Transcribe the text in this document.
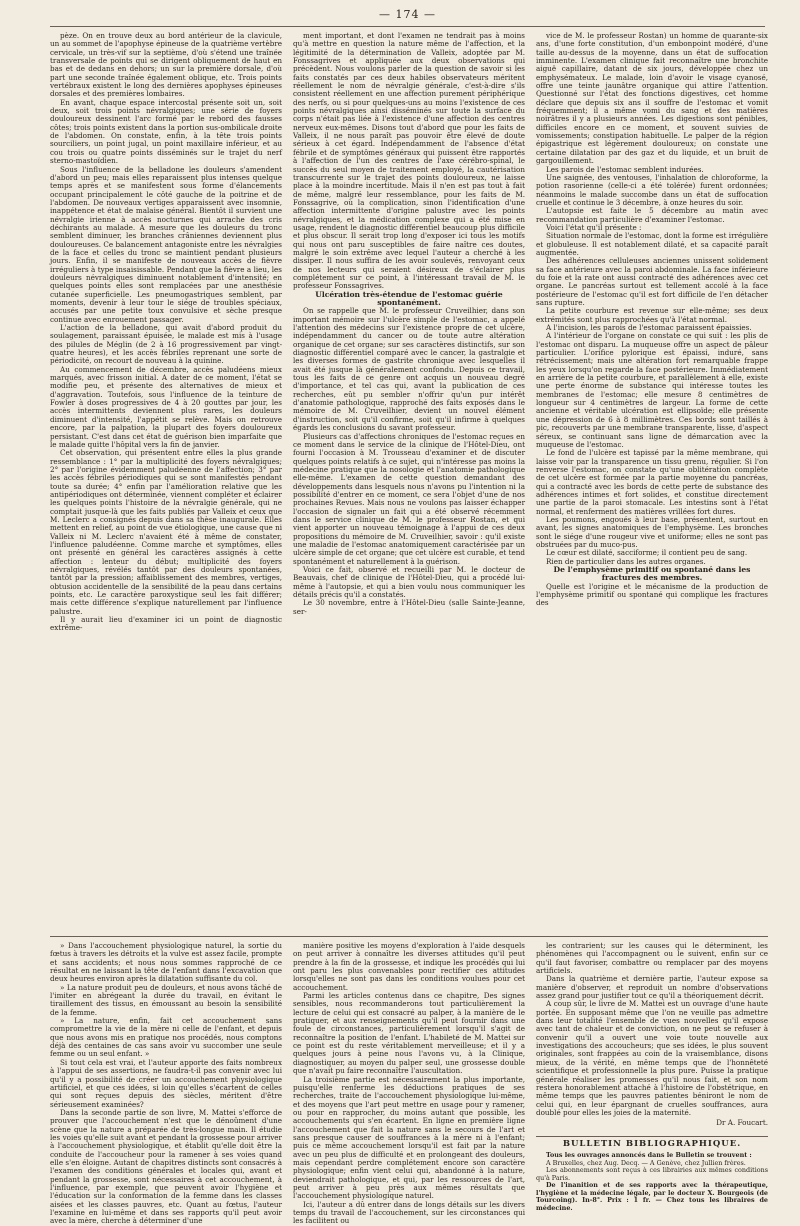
— 174 —

pèze. On en trouve deux au bord antérieur de la clavicule, un au sommet de l'apophyse épineuse de la quatrième vertèbre cervicale, un très-vif sur la septième, d'où s'étend une traînée transversale de points qui se dirigent obliquement de haut en bas et de dedans en dehors; un sur la première dorsale, d'où part une seconde traînée également oblique, etc. Trois points vertébraux existent le long des dernières apophyses épineuses dorsales et des premières lombaires.

En avant, chaque espace intercostal présente soit un, soit deux, soit trois points névralgiques; une série de foyers douloureux dessinent l'arc formé par le rebord des fausses côtes; trois points existent dans la portion sus-ombilicale droite de l'abdomen. On constate, enfin, à la tête trois points sourciliers, un point jugal, un point maxillaire inférieur, et au cou trois ou quatre points disséminés sur le trajet du nerf sterno-mastoïdien.

Sous l'influence de la belladone les douleurs s'amendent d'abord un peu; mais elles reparaissent plus intenses quelque temps après et se manifestent sous forme d'élancements occupant principalement le côté gauche de la poitrine et de l'abdomen. De nouveaux vertiges apparaissent avec insomnie, inappétence et état de malaise général. Bientôt il survient une névralgie irienne à accès nocturnes qui arrache des cris déchirants au malade. A mesure que les douleurs du tronc semblent diminuer, les branches crâniennes deviennent plus douloureuses. Ce balancement antagoniste entre les névralgies de la face et celles du tronc se maintient pendant plusieurs jours. Enfin, il se manifeste de nouveaux accès de fièvre irréguliers à type insaisissable. Pendant que la fièvre a lieu, les douleurs névralgiques diminuent notablement d'intensité; en quelques points elles sont remplacées par une anesthésie cutanée superficielle. Les pneumogastriques semblent, par moments, devenir à leur tour le siége de troubles spéciaux, accusés par une petite toux convulsive et sèche presque continue avec enrouement passager.

L'action de la belladone, qui avait d'abord produit du soulagement, paraissant épuisée, le malade est mis à l'usage des pilules de Méglin (de 2 à 16 progressivement par vingt-quatre heures), et les accès fébriles reprenant une sorte de périodicité, on recourt de nouveau à la quinine.

Au commencement de décembre, accès paludéens mieux marqués, avec frisson initial. A dater de ce moment, l'état se modifie peu, et présente des alternatives de mieux et d'aggravation. Toutefois, sous l'influence de la teinture de Fowler à doses progressives de 4 à 20 gouttes par jour, les accès intermittents deviennent plus rares, les douleurs diminuent d'intensité, l'appétit se relève. Mais on retrouve encore, par la palpation, la plupart des foyers douloureux persistant. C'est dans cet état de guérison bien imparfaite que le malade quitte l'hôpital vers la fin de janvier.

Cet observation, qui présentent entre elles la plus grande ressemblance : 1° par la multiplicité des foyers névralgiques; 2° par l'origine évidemment paludéenne de l'affection; 3° par les accès fébriles périodiques qui se sont manifestés pendant toute sa durée; 4° enfin par l'amélioration relative que les antipériodiques ont déterminée, viennent compléter et éclairer les quelques points l'histoire de la névralgie générale, qui ne comptait jusque-là que les faits publiés par Valleix et ceux que M. Leclerc a consignés depuis dans sa thèse inaugurale. Elles mettent en relief, au point de vue étiologique, une cause que ni Valleix ni M. Leclerc n'avaient été à même de constater, l'influence paludéenne. Comme marche et symptômes, elles ont présenté en général les caractères assignés à cette affection : lenteur du début; multiplicité des foyers névralgiques, révélés tantôt par des douleurs spontanées, tantôt par la pression; affaiblissement des membres, vertiges, obtusion accidentelle de la sensibilité de la peau dans certains points, etc. Le caractère paroxystique seul les fait différer; mais cette différence s'explique naturellement par l'influence palustre.

Il y aurait lieu d'examiner ici un point de diagnostic extrême-

ment important, et dont l'examen ne tendrait pas à moins qu'à mettre en question la nature même de l'affection, et la légitimité de la détermination de Valleix, adoptée par M. Fonssagrives et appliquée aux deux observations qui précèdent. Nous voulons parler de la question de savoir si les faits constatés par ces deux habiles observateurs méritent réellement le nom de névralgie générale, c'est-à-dire s'ils consistent réellement en une affection purement périphérique des nerfs, ou si pour quelques-uns au moins l'existence de ces points névralgiques ainsi disséminés sur toute la surface du corps n'était pas liée à l'existence d'une affection des centres nerveux eux-mêmes. Disons tout d'abord que pour les faits de Valleix, il ne nous paraît pas pouvoir être élevé de doute sérieux à cet égard. Indépendamment de l'absence d'état fébrile et de symptômes généraux qui puissent être rapportés à l'affection de l'un des centres de l'axe cérébro-spinal, le succès du seul moyen de traitement employé, la cautérisation transcurrente sur le trajet des points douloureux, ne laisse place à la moindre incertitude. Mais il n'en est pas tout à fait de même, malgré leur ressemblance, pour les faits de M. Fonssagrive, où la complication, sinon l'identification d'une affection intermittente d'origine palustre avec les points névralgiques, et la médication complexe qui a été mise en usage, rendent le diagnostic différentiel beaucoup plus difficile et plus obscur. Il serait trop long d'exposer ici tous les motifs qui nous ont paru susceptibles de faire naître ces doutes, malgré le soin extrême avec lequel l'auteur a cherché à les dissiper. Il nous suffira de les avoir soulevés, renvoyant ceux de nos lecteurs qui seraient désireux de s'éclairer plus complétement sur ce point, à l'intéressant travail de M. le professeur Fonssagrives.

Ulcération très-étendue de l'estomac guérie spontanément.

On se rappelle que M. le professeur Cruveilhier, dans son important mémoire sur l'ulcère simple de l'estomac, a appelé l'attention des médecins sur l'existence propre de cet ulcère, indépendamment du cancer ou de toute autre altération organique de cet organe; sur ses caractères distinctifs, sur son diagnostic différentiel comparé avec le cancer, la gastralgie et les diverses formes de gastrite chronique avec lesquelles il avait été jusque là généralement confondu. Depuis ce travail, tous les faits de ce genre ont acquis un nouveau degré d'importance, et tel cas qui, avant la publication de ces recherches, eût pu sembler n'offrir qu'un pur intérêt d'anatomie pathologique, rapproché des faits exposés dans le mémoire de M. Cruveilhier, devient un nouvel élément d'instruction, soit qu'il confirme, soit qu'il infirme à quelques égards les conclusions du savant professeur.

Plusieurs cas d'affections chroniques de l'estomac reçues en ce moment dans le service de la clinique de l'Hôtel-Dieu, ont fourni l'occasion à M. Trousseau d'examiner et de discuter quelques points relatifs à ce sujet, qui n'intéresse pas moins la médecine pratique que la nosologie et l'anatomie pathologique elle-même. L'examen de cette question demandant des développements dans lesquels nous n'avons pu l'intention ni la possibilité d'entrer en ce moment, ce sera l'objet d'une de nos prochaines Revues. Mais nous ne voulons pas laisser échapper l'occasion de signaler un fait qui a été observé récemment dans le service clinique de M. le professeur Rostan, et qui vient apporter un nouveau témoignage à l'appui de ces deux propositions du mémoire de M. Cruveilhier, savoir : qu'il existe une maladie de l'estomac anatomiquement caractérisée par un ulcère simple de cet organe; que cet ulcère est curable, et tend spontanément et naturellement à la guérison.

Voici ce fait, observé et recueilli par M. le docteur de Beauvais, chef de clinique de l'Hôtel-Dieu, qui a procédé lui-même à l'autopsie, et qui a bien voulu nous communiquer les détails précis qu'il a constatés.

Le 30 novembre, entre à l'Hôtel-Dieu (salle Sainte-Jeanne, ser-

vice de M. le professeur Rostan) un homme de quarante-six ans, d'une forte constitution, d'un embonpoint modéré, d'une taille au-dessus de la moyenne, dans un état de suffocation imminente. L'examen clinique fait reconnaître une bronchite aiguë capillaire, datant de six jours, développée chez un emphysémateux. Le malade, loin d'avoir le visage cyanosé, offre une teinte jaunâtre organique qui attire l'attention. Questionné sur l'état des fonctions digestives, cet homme déclare que depuis six ans il souffre de l'estomac et vomit fréquemment; il a même vomi du sang et des matières noirâtres il y a plusieurs années. Les digestions sont pénibles, difficiles encore en ce moment, et souvent suivies de vomissements; constipation habituelle. Le palper de la région épigastrique est légèrement douloureux; on constate une certaine dilatation par des gaz et du liquide, et un bruit de gargouillement.

Les parois de l'estomac semblent indurées.

Une saignée, des ventouses, l'inhalation de chloroforme, la potion rasorienne (celle-ci a été tolérée) furent ordonnées; néanmoins le malade succombe dans un état de suffocation cruelle et continue le 3 décembre, à onze heures du soir.

L'autopsie est faite le 5 décembre au matin avec recommandation particulière d'examiner l'estomac.

Voici l'état qu'il présente :

Situation normale de l'estomac, dont la forme est irrégulière et globuleuse. Il est notablement dilaté, et sa capacité paraît augmentée.

Des adhérences celluleuses anciennes unissent solidement sa face antérieure avec la paroi abdominale. La face inférieure du foie et la rate ont aussi contracté des adhérences avec cet organe. Le pancréas surtout est tellement accolé à la face postérieure de l'estomac qu'il est fort difficile de l'en détacher sans rupture.

La petite courbure est revenue sur elle-même; ses deux extrémités sont plus rapprochées qu'à l'état normal.

A l'incision, les parois de l'estomac paraissent épaissies.

A l'intérieur de l'organe on constate ce qui suit : les plis de l'estomac ont disparu. La muqueuse offre un aspect de pâleur particulier. L'orifice pylorique est épaissi, induré, sans rétrécissement; mais une altération fort remarquable frappe les yeux lorsqu'on regarde la face postérieure. Immédiatement en arrière de la petite courbure, et parallèlement à elle, existe une perte énorme de substance qui intéresse toutes les membranes de l'estomac; elle mesure 8 centimètres de longueur sur 4 centimètres de largeur. La forme de cette ancienne et véritable ulcération est ellipsoïde; elle présente une dépression de 6 à 8 millimètres. Ces bords sont taillés à pic, recouverts par une membrane transparente, lisse, d'aspect séreux, se continuant sans ligne de démarcation avec la muqueuse de l'estomac.

Le fond de l'ulcère est tapissé par la même membrane, qui laisse voir par la transparence un tissu grenu, régulier. Si l'on renverse l'estomac, on constate qu'une oblitération complète de cet ulcère est formée par la partie moyenne du pancréas, qui a contracté avec les bords de cette perte de substance des adhérences intimes et fort solides, et constitue directement une partie de la paroi stomacale. Les intestins sont à l'état normal, et renferment des matières vrillées fort dures.

Les poumons, engoués à leur base, présentent, surtout en avant, les signes anatomiques de l'emphysème. Les bronches sont le siége d'une rougeur vive et uniforme; elles ne sont pas obstruées par du muco-pus.

Le cœur est dilaté, sacciforme; il contient peu de sang.

Rien de particulier dans les autres organes.

De l'emphysème primitif ou spontané dans les fractures des membres.

Quelle est l'origine et le mécanisme de la production de l'emphysème primitif ou spontané qui complique les fractures des

» Dans l'accouchement physiologique naturel, la sortie du fœtus à travers les détroits et la vulve est assez facile, prompte et sans accidents; et nous nous sommes rapproché de ce résultat en ne laissant la tête de l'enfant dans l'excavation que deux heures environ après la dilatation suffisante du col.

» La nature produit peu de douleurs, et nous avons tâché de l'imiter en abrégeant la durée du travail, en évitant le tiraillement des tissus, en émoussant au besoin la sensibilité de la femme.

» La nature, enfin, fait cet accouchement sans compromettre la vie de la mère ni celle de l'enfant, et depuis que nous avons mis en pratique nos procédés, nous comptons déjà des centaines de cas sans avoir vu succomber une seule femme ou un seul enfant. »

Si tout cela est vrai, et l'auteur apporte des faits nombreux à l'appui de ses assertions, ne faudra-t-il pas convenir avec lui qu'il y a possibilité de créer un accouchement physiologique artificiel, et que ces idées, si loin qu'elles s'écartent de celles qui sont reçues depuis des siècles, méritent d'être sérieusement examinées?

Dans la seconde partie de son livre, M. Mattei s'efforce de prouver que l'accouchement n'est que le dénoûment d'une scène que la nature a préparée de très-longue main. Il étudie les voies qu'elle suit avant et pendant la grossesse pour arriver à l'accouchement physiologique, et établit qu'elle doit être la conduite de l'accoucheur pour la ramener à ses voies quand elle s'en éloigne. Autant de chapitres distincts sont consacrés à l'examen des conditions générales et locales qui, avant et pendant la grossesse, sont nécessaires à cet accouchement, à l'influence, par exemple, que peuvent avoir l'hygiène et l'éducation sur la conformation de la femme dans les classes aisées et les classes pauvres, etc. Quant au fœtus, l'auteur l'examine en lui-même et dans ses rapports qu'il peut avoir avec la mère, cherche à déterminer d'une

manière positive les moyens d'exploration à l'aide desquels on peut arriver à connaître les diverses attitudes qu'il peut prendre à la fin de la grossesse, et indique les procédés qui lui ont paru les plus convenables pour rectifier ces attitudes lorsqu'elles ne sont pas dans les conditions voulues pour cet accouchement.

Parmi les articles contenus dans ce chapitre, Des signes sensibles, nous recommanderons tout particulièrement la lecture de celui qui est consacré au palper, à la manière de le pratiquer, et aux renseignements qu'il peut fournir dans une foule de circonstances, particulièrement lorsqu'il s'agit de reconnaître la position de l'enfant. L'habileté de M. Mattei sur ce point est du reste véritablement merveilleuse; et il y a quelques jours à peine nous l'avons vu, à la Clinique, diagnostiquer, au moyen du palper seul, une grossesse double que n'avait pu faire reconnaître l'auscultation.

La troisième partie est nécessairement la plus importante, puisqu'elle renferme les déductions pratiques de ses recherches, traite de l'accouchement physiologique lui-même, et des moyens que l'art peut mettre en usage pour y ramener, ou pour en rapprocher, du moins autant que possible, les accouchements qui s'en écartent. En ligne en première ligne l'accouchement que fait la nature sans le secours de l'art et sans presque causer de souffrances à la mère ni à l'enfant; puis ce même accouchement lorsqu'il est fait par la nature avec un peu plus de difficulté et en prolongeant des douleurs, mais cependant perdre complétement encore son caractère physiologique; enfin vient celui qui, abandonné à la nature, deviendrait pathologique, et qui, par les ressources de l'art, peut arriver à peu près aux mêmes résultats que l'accouchement physiologique naturel.

Ici, l'auteur a dû entrer dans de longs détails sur les divers temps du travail de l'accouchement, sur les circonstances qui les facilitent ou

les contrarient; sur les causes qui le déterminent, les phénomènes qui l'accompagnent ou le suivent, enfin sur ce qu'il faut favoriser, combattre ou remplacer par des moyens artificiels.

Dans la quatrième et dernière partie, l'auteur expose sa manière d'observer, et reproduit un nombre d'observations assez grand pour justifier tout ce qu'il a théoriquement décrit.

A coup sûr, le livre de M. Mattei est un ouvrage d'une haute portée. En supposant même que l'on ne veuille pas admettre dans leur totalité l'ensemble de vues nouvelles qu'il expose avec tant de chaleur et de conviction, on ne peut se refuser à convenir qu'il a ouvert une voie toute nouvelle aux investigations des accoucheurs; que ses idées, le plus souvent originales, sont frappées au coin de la vraisemblance, disons mieux, de la vérité, en même temps que de l'honnêteté scientifique et professionnelle la plus pure. Puisse la pratique générale réaliser les promesses qu'il nous fait, et son nom restera honorablement attaché à l'histoire de l'obstétrique, en même temps que les pauvres patientes béniront le nom de celui qui, en leur épargnant de cruelles souffrances, aura doublé pour elles les joies de la maternité.

Dr A. Foucart.

BULLETIN BIBLIOGRAPHIQUE.

Tous les ouvrages annoncés dans le Bulletin se trouvent :

A Bruxelles, chez Aug. Decq. — A Genève, chez Jullien frères.

Les abonnements sont reçus à ces librairies aux mêmes conditions qu'à Paris.

De l'inanition et de ses rapports avec la thérapeutique, l'hygiène et la médecine légale, par le docteur X. Bourgeois (de Tourcoing). In-8°. Prix : 1 fr. — Chez tous les libraires de médecine.
